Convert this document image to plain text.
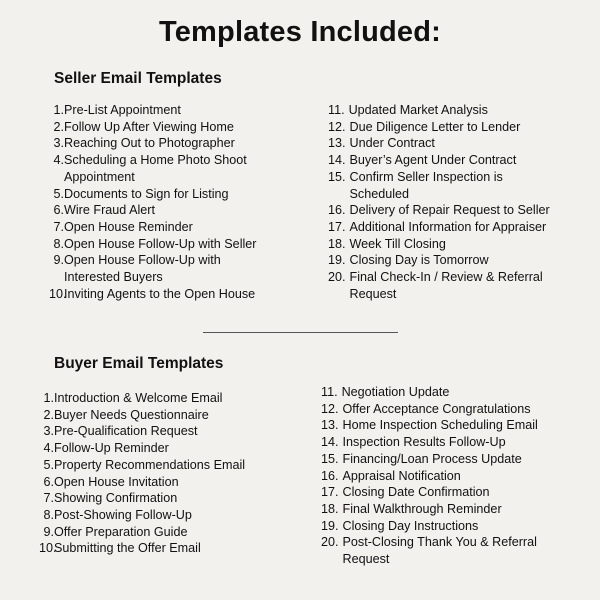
Templates Included:
Seller Email Templates
1. Pre-List Appointment
2. Follow Up After Viewing Home
3. Reaching Out to Photographer
4. Scheduling a Home Photo Shoot Appointment
5. Documents to Sign for Listing
6. Wire Fraud Alert
7. Open House Reminder
8. Open House Follow-Up with Seller
9. Open House Follow-Up with Interested Buyers
10.
Inviting Agents to the Open House
11. Updated Market Analysis
12. Due Diligence Letter to Lender
13. Under Contract
14. Buyer’s Agent Under Contract
15. Confirm Seller Inspection is Scheduled
16. Delivery of Repair Request to Seller
17. Additional Information for Appraiser
18. Week Till Closing
19. Closing Day is Tomorrow
20. Final Check-In / Review & Referral Request
Buyer Email Templates
1. Introduction & Welcome Email
2. Buyer Needs Questionnaire
3. Pre-Qualification Request
4. Follow-Up Reminder
5. Property Recommendations Email
6. Open House Invitation
7. Showing Confirmation
8. Post-Showing Follow-Up
9. Offer Preparation Guide
10.
Submitting the Offer Email
11. Negotiation Update
12. Offer Acceptance Congratulations
13. Home Inspection Scheduling Email
14. Inspection Results Follow-Up
15. Financing/Loan Process Update
16. Appraisal Notification
17. Closing Date Confirmation
18. Final Walkthrough Reminder
19. Closing Day Instructions
20. Post-Closing Thank You & Referral Request
